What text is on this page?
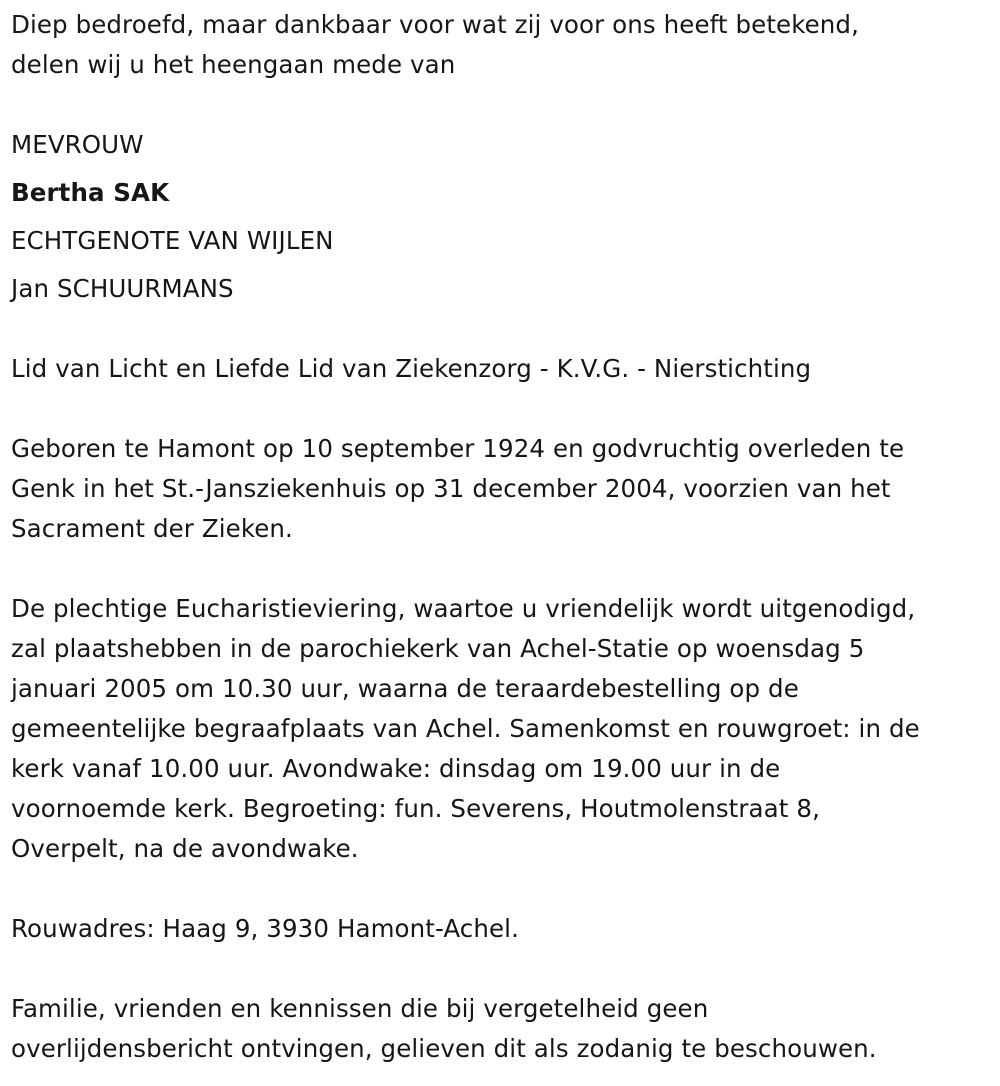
Diep bedroefd, maar dankbaar voor wat zij voor ons heeft betekend,
delen wij u het heengaan mede van

MEVROUW

Bertha SAK

ECHTGENOTE VAN WIJLEN

Jan SCHUURMANS

Lid van Licht en Liefde Lid van Ziekenzorg - K.V.G. - Nierstichting

Geboren te Hamont op 10 september 1924 en godvruchtig overleden te
Genk in het St.-Jansziekenhuis op 31 december 2004, voorzien van het
Sacrament der Zieken.

De plechtige Eucharistieviering, waartoe u vriendelijk wordt uitgenodigd,
zal plaatshebben in de parochiekerk van Achel-Statie op woensdag 5
januari 2005 om 10.30 uur, waarna de teraardebestelling op de
gemeentelijke begraafplaats van Achel. Samenkomst en rouwgroet: in de
kerk vanaf 10.00 uur. Avondwake: dinsdag om 19.00 uur in de
voornoemde kerk. Begroeting: fun. Severens, Houtmolenstraat 8,
Overpelt, na de avondwake.

Rouwadres: Haag 9, 3930 Hamont-Achel.

Familie, vrienden en kennissen die bij vergetelheid geen
overlijdensbericht ontvingen, gelieven dit als zodanig te beschouwen.
